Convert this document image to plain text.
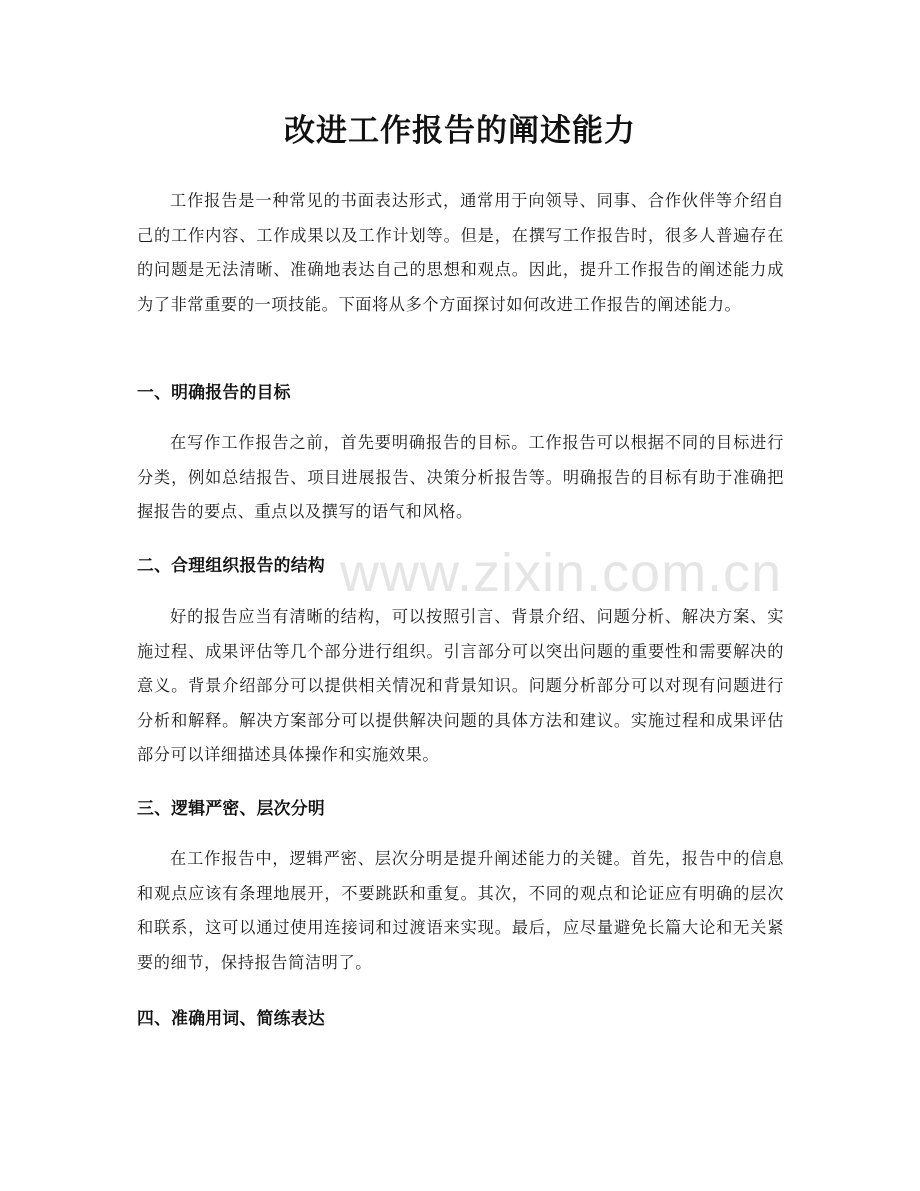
改进工作报告的阐述能力

工作报告是一种常见的书面表达形式，通常用于向领导、同事、合作伙伴等介绍自己的工作内容、工作成果以及工作计划等。但是，在撰写工作报告时，很多人普遍存在的问题是无法清晰、准确地表达自己的思想和观点。因此，提升工作报告的阐述能力成为了非常重要的一项技能。下面将从多个方面探讨如何改进工作报告的阐述能力。

一、明确报告的目标

在写作工作报告之前，首先要明确报告的目标。工作报告可以根据不同的目标进行分类，例如总结报告、项目进展报告、决策分析报告等。明确报告的目标有助于准确把握报告的要点、重点以及撰写的语气和风格。

二、合理组织报告的结构

好的报告应当有清晰的结构，可以按照引言、背景介绍、问题分析、解决方案、实施过程、成果评估等几个部分进行组织。引言部分可以突出问题的重要性和需要解决的意义。背景介绍部分可以提供相关情况和背景知识。问题分析部分可以对现有问题进行分析和解释。解决方案部分可以提供解决问题的具体方法和建议。实施过程和成果评估部分可以详细描述具体操作和实施效果。

三、逻辑严密、层次分明

在工作报告中，逻辑严密、层次分明是提升阐述能力的关键。首先，报告中的信息和观点应该有条理地展开，不要跳跃和重复。其次，不同的观点和论证应有明确的层次和联系，这可以通过使用连接词和过渡语来实现。最后，应尽量避免长篇大论和无关紧要的细节，保持报告简洁明了。

四、准确用词、简练表达
www.zixin.com.cn
